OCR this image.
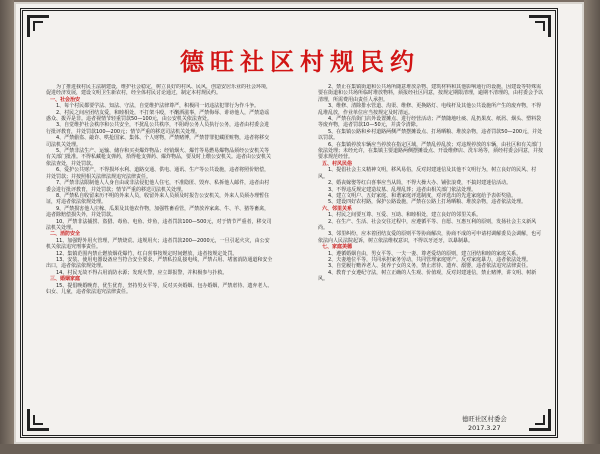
德旺社区村规民约

为了推进我村民主法制建设，维护社会稳定，树立良好的村风、民风，创造安居乐业的社会环境，促进经济发展，建设文明卫生新农村，经全体村民讨论通过，制定本村规民约。

一、社会治安

1、每个村民都要学法、知法、守法，自觉维护法律尊严，积极同一切违法犯罪行为作斗争。

2、村民之间应团结友爱，和睦相处，不打架斗殴，不酗酒滋事，严禁侮辱、诽谤他人，严禁造谣惑众、拨弄是非。违者视情节轻重罚款50—100元，由公安机关依法查处。

3、自觉维护社会秩序和公共安全，不扰乱公共秩序，不阻碍公务人员执行公务，违者由村委会进行批评教育，并处罚款100—200元；情节严重的移送司法机关处理。

4、严禁偷盗、敲诈、哄抢国家、集体、个人财物，严禁赌博，严禁替罪犯藏匿赃物，违者将移交司法机关处理。

5、严禁非法生产、运输、储存和买卖爆炸物品；经销烟火、爆竹等易燃易爆物品须经公安机关等有关部门批准。不得私藏枪支弹药，拾得枪支弹药、爆炸物品，要及时上缴公安机关。违者由公安机关依法查处，并处罚款。

6、爱护公共财产，不得损坏水利、道路交通、供电、通讯、生产等公共设施，违者将照价赔偿，并处罚款；并按照相关法律法规追究法律责任。

7、严禁非法限制他人人身自由或非法侵犯他人住宅，不准隐匿、毁弃、私拆他人邮件，违者由村委会进行批评教育，并处罚款；情节严重的移送司法机关处理。

8、严禁私自收留来历不明的外来人员，收留外来人员须及时报告公安机关，外来人员须办理暂住证，对违者依法依规处理。

9、严禁损害他人庄稼、瓜果及其他农作物，加强牲畜看管，严禁放养家禽、牛、羊、猪等畜禽，违者除赔偿损失外，并处罚款。

10、严禁非法捕捞、盗猎、毒鱼、电鱼、炸鱼，违者罚款100—500元，对于情节严重者，移交司法机关处理。

二、消防安全

11、加强野外用火管理，严禁烧荒、违规用火；违者罚款200—2000元，一旦引起火灾，由公安机关依法追究刑事责任。

12、集镇范围内禁止燃放烟花爆竹，红白喜事按规定时间燃放，违者按规定处罚。

13、安装、使用电器设备应当符合安全要求，严禁私拉乱接电线，严禁占用、堵塞消防通道和安全出口，违者依法依规处理。

14、村民无故不得占用消防水源；发现火警，应立即报警，并积极参与扑救。

三、婚姻家庭

15、提倡晚婚晚育，优生优育，坚持男女平等，反对买卖婚姻、包办婚姻，严禁虐待、遗弃老人、妇女、儿童，违者依法追究法律责任。

2、禁止在集镇街道和公共场所随意堆放杂物、建筑材料和其他影响通行的设施，因建设等特殊需要在街道和公共场所临时堆放物料，须报经社区同意，按规定期限清理，逾期不清理的，由村委会予以清理，所需费用由责任人承担。

3、维修、清除排水管道、沟渠、维修、更换路灯、电线杆及其他公共设施所产生的废弃物，不得乱堆乱放，作业单位应当按规定及时清运。

4、严禁在沿街门店外设置摊点、进行经营活动；严禁随地吐痰、乱扔果皮、纸屑、烟头、塑料袋等废弃物，违者罚款10—50元，并责令清除。

5、在集镇公路和乡村道路两侧严禁摆摊设点、打场晒粮、堆放杂物，违者罚款50—200元，并处以罚款。

6、在集镇停放车辆应当停放在指定区域，严禁乱停乱放；对违规停放的车辆，由社区和有关部门依法处理；未经允许，在集镇主要道路两侧摆摊设点、开设维修店、洗车场等，须经村委会同意，并按要求规范经营。

五、村风民俗

1、提倡社会主义精神文明，移风易俗，反对封建迷信及其他不文明行为，树立良好的民风、村风。

2、婚丧嫁娶等红白喜事应当从简，不得大操大办、铺张浪费，不搞封建迷信活动。

3、不得违反规定建造坟墓、乱埋乱葬；违者由相关部门依法处理。

4、建立文明户、五好家庭、和谐家庭评选制度，对评选出的先进家庭给予表彰奖励。

5、建设四好农村路，保护公路设施，严禁在公路上打场晒粮、堆放杂物，违者依法处理。

六、邻里关系

1、村民之间要互尊、互爱、互助、和睦相处，建立良好的邻里关系。

2、在生产、生活、社会交往过程中，应遵循平等、自愿、互惠互利的原则，发扬社会主义新风尚。

3、邻里纠纷，应本着团结友爱的原则平等协商解决，协商不成的可申请村调解委员会调解，也可依法向人民法院起诉，树立依法维权意识，不得以牙还牙，以暴制暴。

七、家庭美德

1、遵循婚姻自由，男女平等、一夫一妻、尊老爱幼的原则，建立团结和睦的家庭关系。

2、夫妻地位平等，共同承担家务劳动，共同管理家庭财产，反对家庭暴力，违者依法处理。

3、自觉履行赡养老人、抚养子女的义务，禁止虐待、遗弃、溺婴，违者依法追究法律责任。

4、教育子女遵纪守法，树立正确的人生观、价值观，反对封建迷信，禁止赌博，讲文明、树新风。

德旺社区村委会
2017.3.27
